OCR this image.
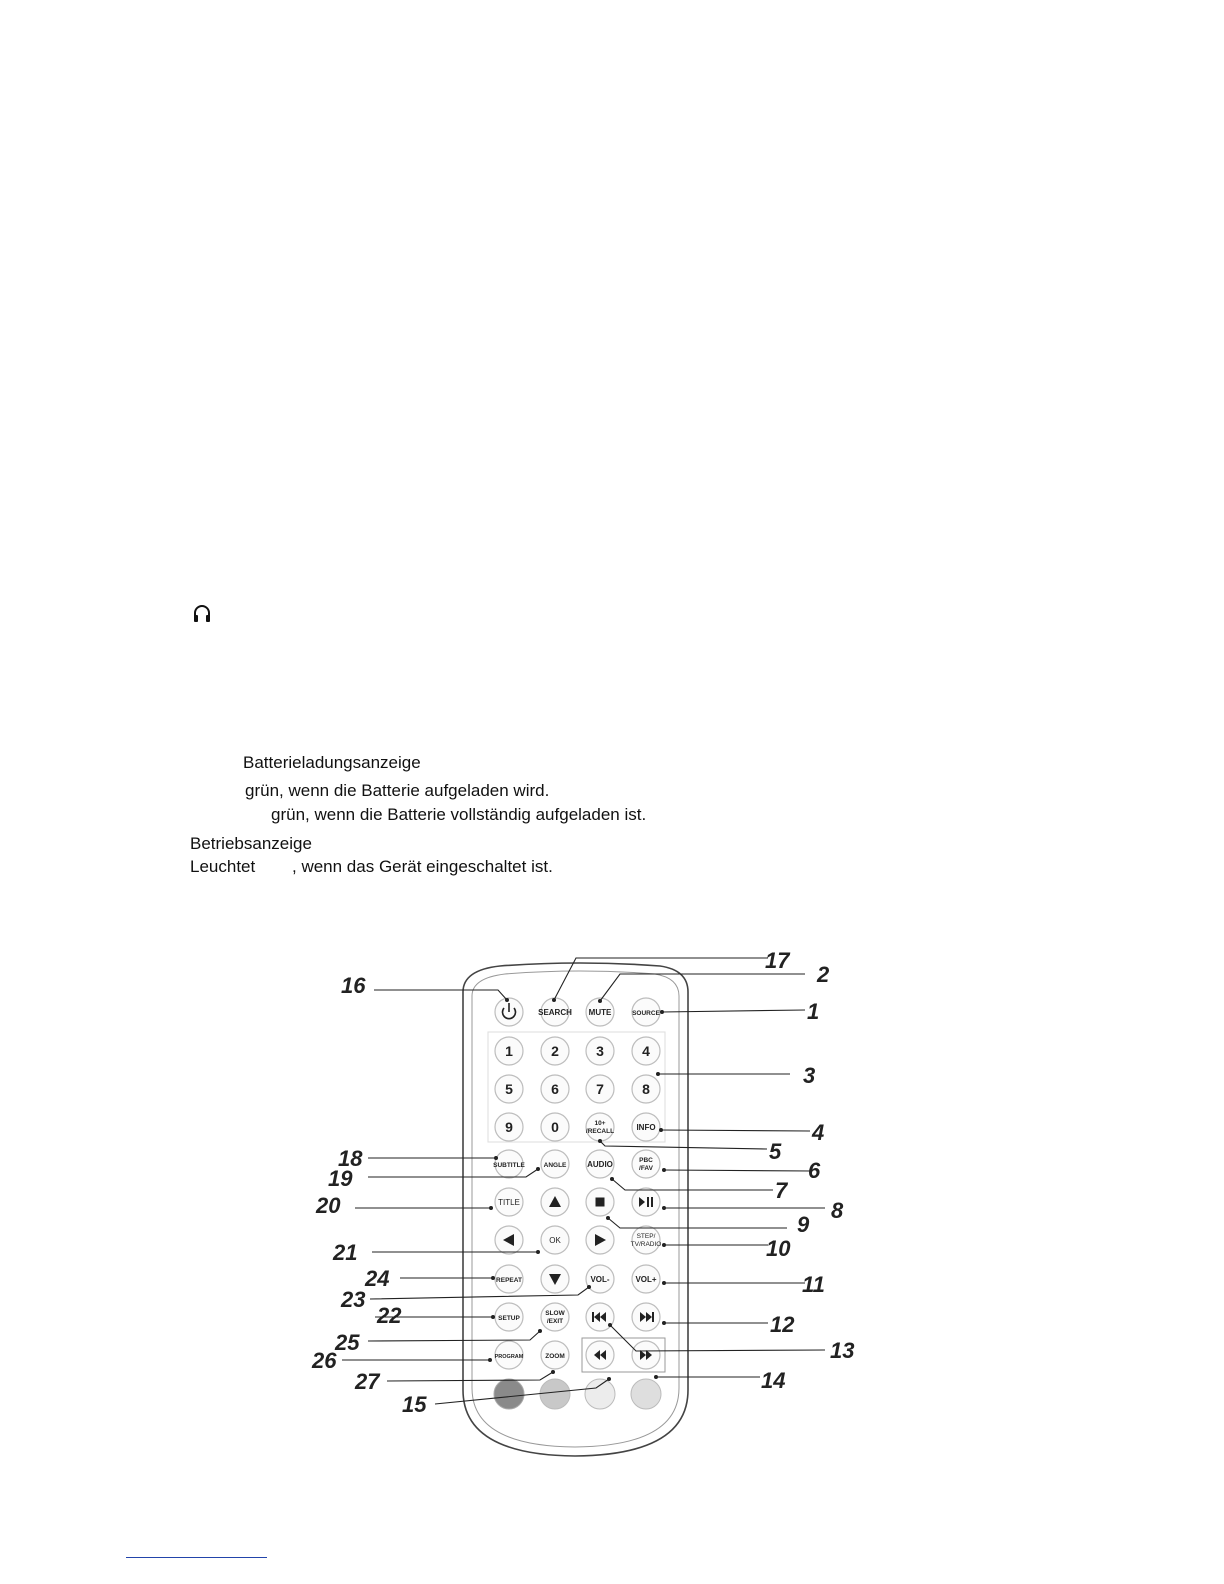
Batterieladungsanzeige
grün, wenn die Batterie aufgeladen wird.
grün, wenn die Batterie vollständig aufgeladen ist.
Betriebsanzeige
Leuchtet , wenn das Gerät eingeschaltet ist.
SEARCH MUTE	SOURCE
1	2	3	4
5	6	7	8
9	0	10+
/RECALL	INFO
SUBTITLE	ANGLE	AUDIO	PBC
/FAV
TITLE
OK	STEP/
TV/RADIO
REPEAT	VOL-	VOL+
SETUP
SLOW
/EXIT
PROGRAM	ZOOM
1
2
3
4
5
6
7
8
9
10
11
12
13
14
15
16
17
18
19
20
21
22
23
24
25
26
27
